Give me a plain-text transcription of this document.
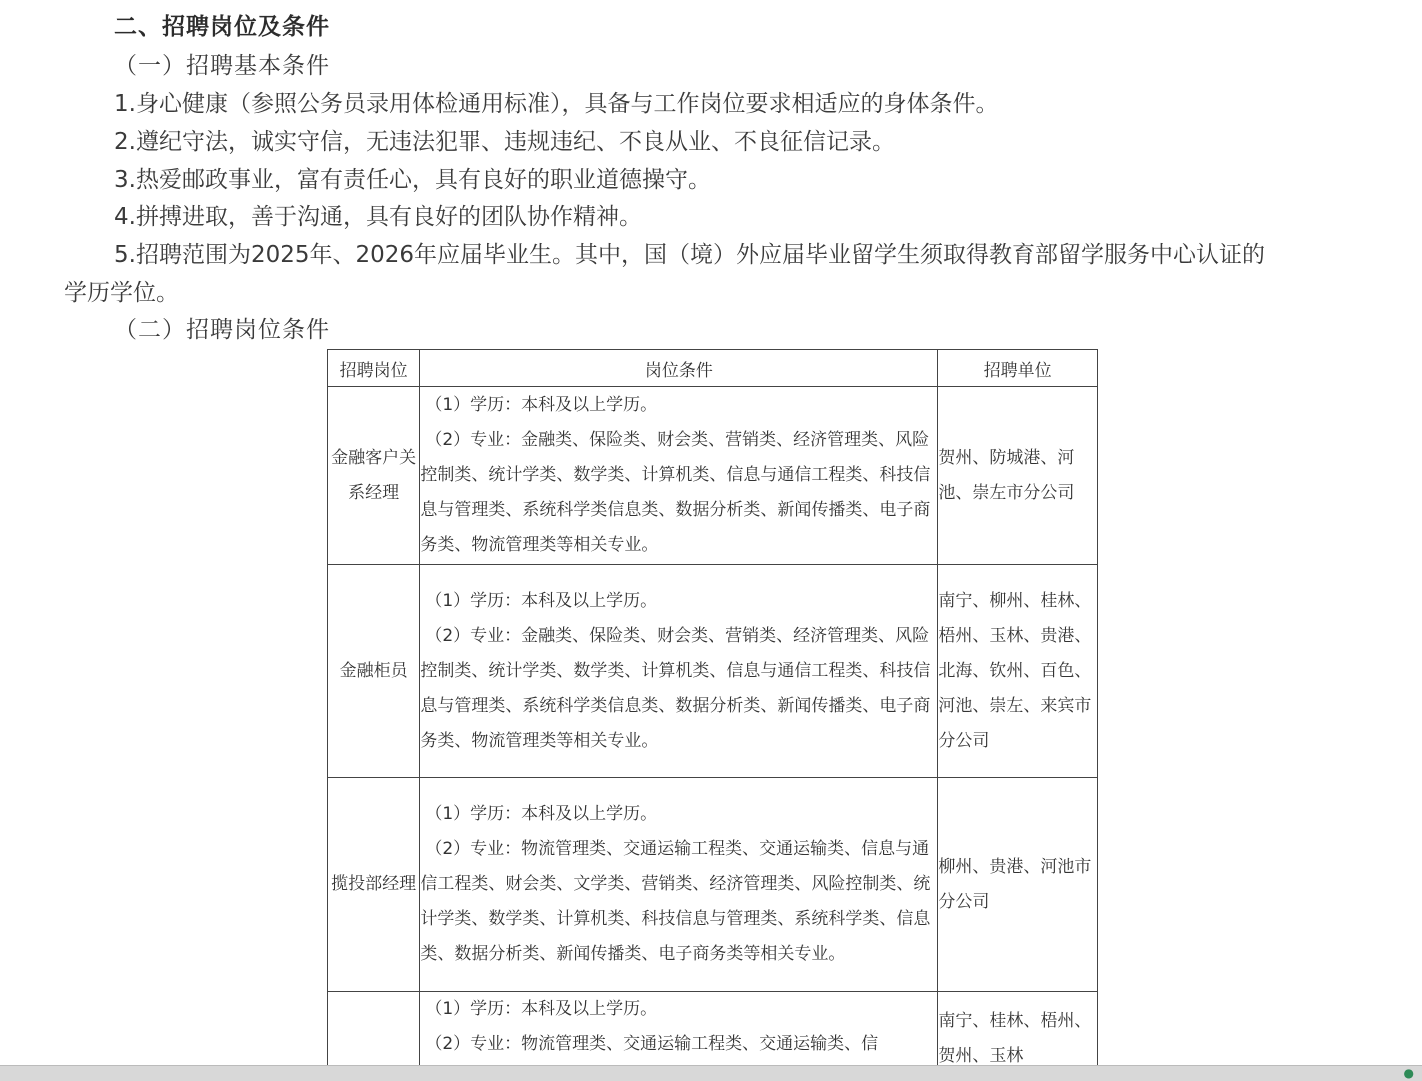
二、招聘岗位及条件
（一）招聘基本条件
1.身心健康（参照公务员录用体检通用标准），具备与工作岗位要求相适应的身体条件。
2.遵纪守法，诚实守信，无违法犯罪、违规违纪、不良从业、不良征信记录。
3.热爱邮政事业，富有责任心，具有良好的职业道德操守。
4.拼搏进取，善于沟通，具有良好的团队协作精神。
5.招聘范围为2025年、2026年应届毕业生。其中，国（境）外应届毕业留学生须取得教育部留学服务中心认证的
学历学位。
（二）招聘岗位条件
招聘岗位	岗位条件	招聘单位
金融客户关系经理	（1）学历：本科及以上学历。
（2）专业：金融类、保险类、财会类、营销类、经济管理类、风险控制类、统计学类、数学类、计算机类、信息与通信工程类、科技信息与管理类、系统科学类信息类、数据分析类、新闻传播类、电子商务类、物流管理类等相关专业。	贺州、防城港、河池、崇左市分公司
金融柜员	（1）学历：本科及以上学历。
（2）专业：金融类、保险类、财会类、营销类、经济管理类、风险控制类、统计学类、数学类、计算机类、信息与通信工程类、科技信息与管理类、系统科学类信息类、数据分析类、新闻传播类、电子商务类、物流管理类等相关专业。	南宁、柳州、桂林、梧州、玉林、贵港、北海、钦州、百色、河池、崇左、来宾市分公司
揽投部经理	（1）学历：本科及以上学历。
（2）专业：物流管理类、交通运输工程类、交通运输类、信息与通信工程类、财会类、文学类、营销类、经济管理类、风险控制类、统计学类、数学类、计算机类、科技信息与管理类、系统科学类、信息类、数据分析类、新闻传播类、电子商务类等相关专业。	柳州、贵港、河池市分公司

	（1）学历：本科及以上学历。
（2）专业：物流管理类、交通运输工程类、交通运输类、信	南宁、桂林、梧州、贺州、玉林
●
